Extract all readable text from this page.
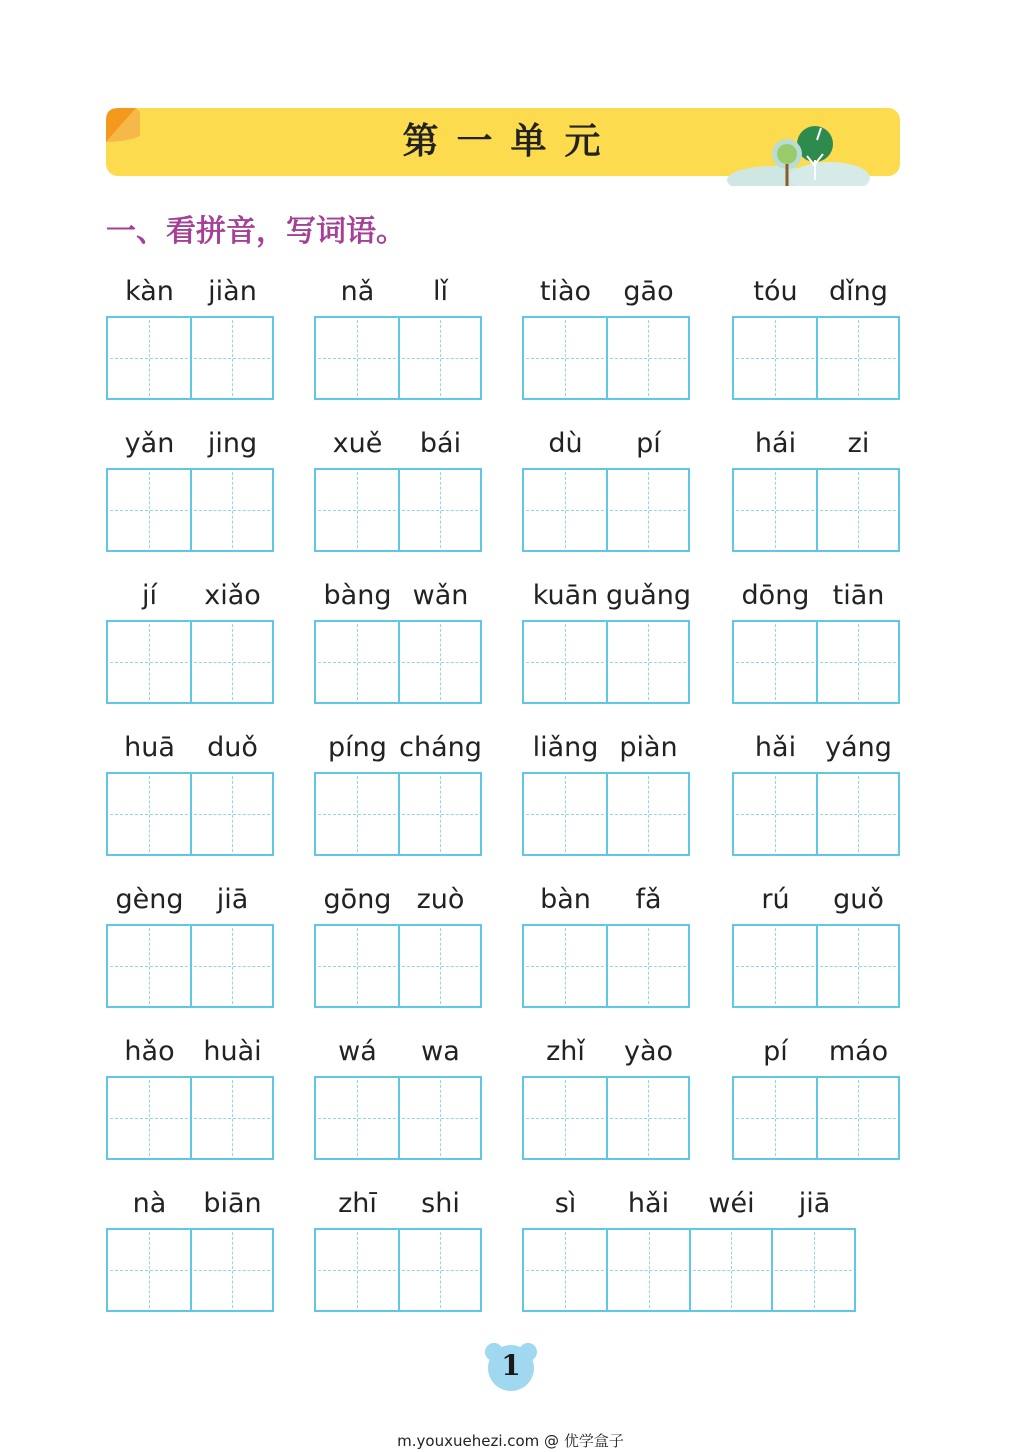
第一单元
一、看拼音，写词语。
kàn	jiàn	nǎ	lǐ	tiào	gāo	tóu	dǐng
yǎn	jing	xuě	bái	dù	pí	hái	zi
jí	xiǎo	bàng wǎn	kuān guǎng	dōng tiān
huā	duǒ	píng cháng	liǎng piàn	hǎi	yáng
gèng	jiā	gōng zuò	bàn	fǎ	rú	guǒ
hǎo	huài	wá	wa	zhǐ	yào	pí	máo
nà	biān	zhī	shi	sì	hǎi	wéi	jiā
1
m.youxuehezi.com @ 优学盒子
